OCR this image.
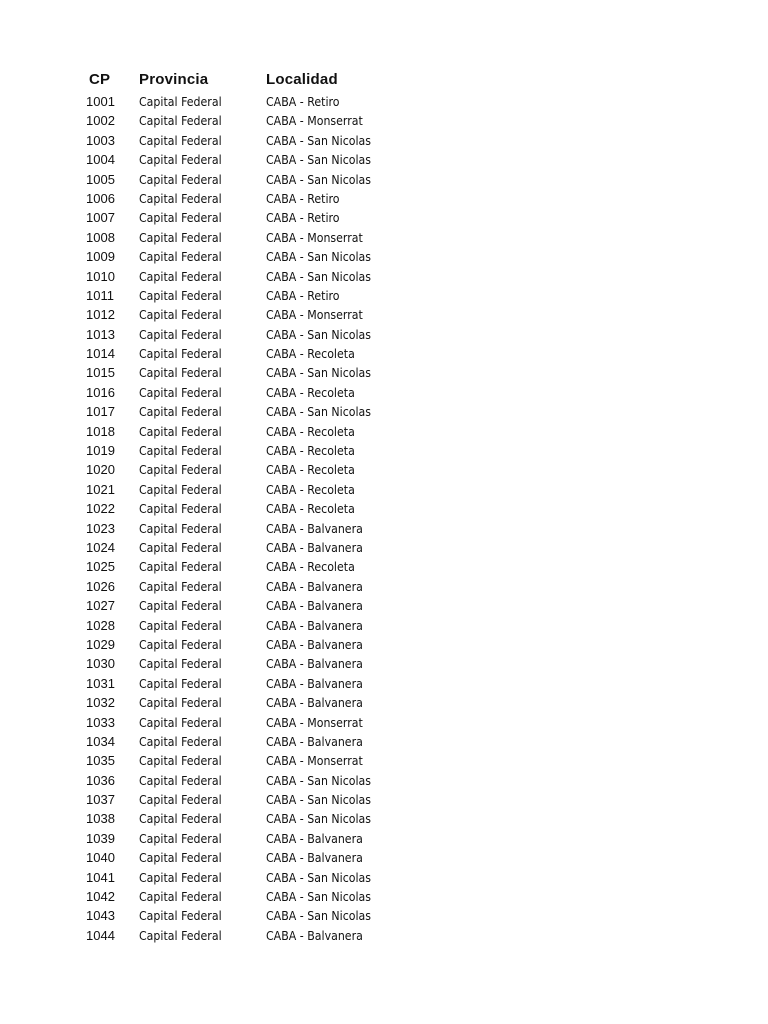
CP	Provincia	Localidad
1001	Capital Federal	CABA - Retiro
1002	Capital Federal	CABA - Monserrat
1003	Capital Federal	CABA - San Nicolas
1004	Capital Federal	CABA - San Nicolas
1005	Capital Federal	CABA - San Nicolas
1006	Capital Federal	CABA - Retiro
1007	Capital Federal	CABA - Retiro
1008	Capital Federal	CABA - Monserrat
1009	Capital Federal	CABA - San Nicolas
1010	Capital Federal	CABA - San Nicolas
1011	Capital Federal	CABA - Retiro
1012	Capital Federal	CABA - Monserrat
1013	Capital Federal	CABA - San Nicolas
1014	Capital Federal	CABA - Recoleta
1015	Capital Federal	CABA - San Nicolas
1016	Capital Federal	CABA - Recoleta
1017	Capital Federal	CABA - San Nicolas
1018	Capital Federal	CABA - Recoleta
1019	Capital Federal	CABA - Recoleta
1020	Capital Federal	CABA - Recoleta
1021	Capital Federal	CABA - Recoleta
1022	Capital Federal	CABA - Recoleta
1023	Capital Federal	CABA - Balvanera
1024	Capital Federal	CABA - Balvanera
1025	Capital Federal	CABA - Recoleta
1026	Capital Federal	CABA - Balvanera
1027	Capital Federal	CABA - Balvanera
1028	Capital Federal	CABA - Balvanera
1029	Capital Federal	CABA - Balvanera
1030	Capital Federal	CABA - Balvanera
1031	Capital Federal	CABA - Balvanera
1032	Capital Federal	CABA - Balvanera
1033	Capital Federal	CABA - Monserrat
1034	Capital Federal	CABA - Balvanera
1035	Capital Federal	CABA - Monserrat
1036	Capital Federal	CABA - San Nicolas
1037	Capital Federal	CABA - San Nicolas
1038	Capital Federal	CABA - San Nicolas
1039	Capital Federal	CABA - Balvanera
1040	Capital Federal	CABA - Balvanera
1041	Capital Federal	CABA - San Nicolas
1042	Capital Federal	CABA - San Nicolas
1043	Capital Federal	CABA - San Nicolas
1044	Capital Federal	CABA - Balvanera
